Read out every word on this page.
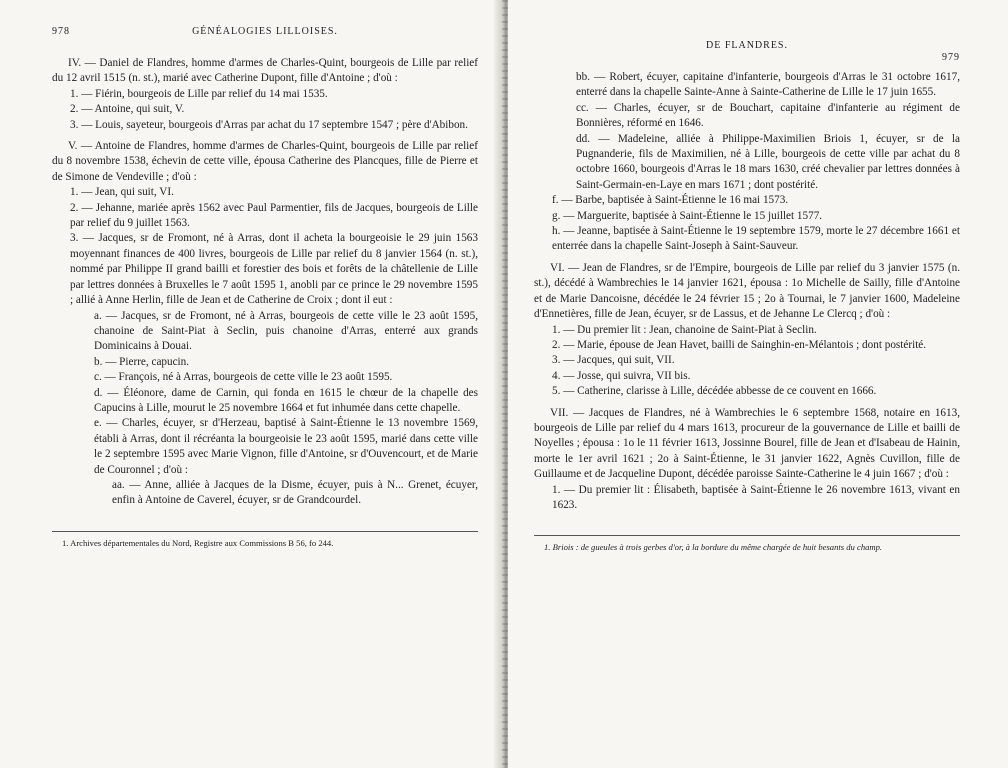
978	GÉNÉALOGIES LILLOISES.

IV. — Daniel de Flandres, homme d'armes de Charles-Quint, bourgeois de Lille par relief du 12 avril 1515 (n. st.), marié avec Catherine Dupont, fille d'Antoine ; d'où :

1. — Fiérin, bourgeois de Lille par relief du 14 mai 1535.

2. — Antoine, qui suit, V.

3. — Louis, sayeteur, bourgeois d'Arras par achat du 17 septembre 1547 ; père d'Abibon.

V. — Antoine de Flandres, homme d'armes de Charles-Quint, bourgeois de Lille par relief du 8 novembre 1538, échevin de cette ville, épousa Catherine des Plancques, fille de Pierre et de Simone de Vendeville ; d'où :

1. — Jean, qui suit, VI.

2. — Jehanne, mariée après 1562 avec Paul Parmentier, fils de Jacques, bourgeois de Lille par relief du 9 juillet 1563.

3. — Jacques, sr de Fromont, né à Arras, dont il acheta la bourgeoisie le 29 juin 1563 moyennant finances de 400 livres, bourgeois de Lille par relief du 8 janvier 1564 (n. st.), nommé par Philippe II grand bailli et forestier des bois et forêts de la châtellenie de Lille par lettres données à Bruxelles le 7 août 1595 1, anobli par ce prince le 29 novembre 1595 ; allié à Anne Herlin, fille de Jean et de Catherine de Croix ; dont il eut :

a. — Jacques, sr de Fromont, né à Arras, bourgeois de cette ville le 23 août 1595, chanoine de Saint-Piat à Seclin, puis chanoine d'Arras, enterré aux grands Dominicains à Douai.

b. — Pierre, capucin.

c. — François, né à Arras, bourgeois de cette ville le 23 août 1595.

d. — Éléonore, dame de Carnin, qui fonda en 1615 le chœur de la chapelle des Capucins à Lille, mourut le 25 novembre 1664 et fut inhumée dans cette chapelle.

e. — Charles, écuyer, sr d'Herzeau, baptisé à Saint-Étienne le 13 novembre 1569, établi à Arras, dont il récréanta la bourgeoisie le 23 août 1595, marié dans cette ville le 2 septembre 1595 avec Marie Vignon, fille d'Antoine, sr d'Ouvencourt, et de Marie de Couronnel ; d'où :

aa. — Anne, alliée à Jacques de la Disme, écuyer, puis à N... Grenet, écuyer, enfin à Antoine de Caverel, écuyer, sr de Grandcourdel.

1. Archives départementales du Nord, Registre aux Commissions B 56, fo 244.

DE FLANDRES.
979

bb. — Robert, écuyer, capitaine d'infanterie, bourgeois d'Arras le 31 octobre 1617, enterré dans la chapelle Sainte-Anne à Sainte-Catherine de Lille le 17 juin 1655.

cc. — Charles, écuyer, sr de Bouchart, capitaine d'infanterie au régiment de Bonnières, réformé en 1646.

dd. — Madeleine, alliée à Philippe-Maximilien Briois 1, écuyer, sr de la Pugnanderie, fils de Maximilien, né à Lille, bourgeois de cette ville par achat du 8 octobre 1660, bourgeois d'Arras le 18 mars 1630, créé chevalier par lettres données à Saint-Germain-en-Laye en mars 1671 ; dont postérité.

f. — Barbe, baptisée à Saint-Étienne le 16 mai 1573.

g. — Marguerite, baptisée à Saint-Étienne le 15 juillet 1577.

h. — Jeanne, baptisée à Saint-Étienne le 19 septembre 1579, morte le 27 décembre 1661 et enterrée dans la chapelle Saint-Joseph à Saint-Sauveur.

VI. — Jean de Flandres, sr de l'Empire, bourgeois de Lille par relief du 3 janvier 1575 (n. st.), décédé à Wambrechies le 14 janvier 1621, épousa : 1o Michelle de Sailly, fille d'Antoine et de Marie Dancoisne, décédée le 24 février 15 ; 2o à Tournai, le 7 janvier 1600, Madeleine d'Ennetières, fille de Jean, écuyer, sr de Lassus, et de Jehanne Le Clercq ; d'où :

1. — Du premier lit : Jean, chanoine de Saint-Piat à Seclin.

2. — Marie, épouse de Jean Havet, bailli de Sainghin-en-Mélantois ; dont postérité.

3. — Jacques, qui suit, VII.

4. — Josse, qui suivra, VII bis.

5. — Catherine, clarisse à Lille, décédée abbesse de ce couvent en 1666.

VII. — Jacques de Flandres, né à Wambrechies le 6 septembre 1568, notaire en 1613, bourgeois de Lille par relief du 4 mars 1613, procureur de la gouvernance de Lille et bailli de Noyelles ; épousa : 1o le 11 février 1613, Jossinne Bourel, fille de Jean et d'Isabeau de Hainin, morte le 1er avril 1621 ; 2o à Saint-Étienne, le 31 janvier 1622, Agnès Cuvillon, fille de Guillaume et de Jacqueline Dupont, décédée paroisse Sainte-Catherine le 4 juin 1667 ; d'où :

1. — Du premier lit : Élisabeth, baptisée à Saint-Étienne le 26 novembre 1613, vivant en 1623.

1. Briois : de gueules à trois gerbes d'or, à la bordure du même chargée de huit besants du champ.
